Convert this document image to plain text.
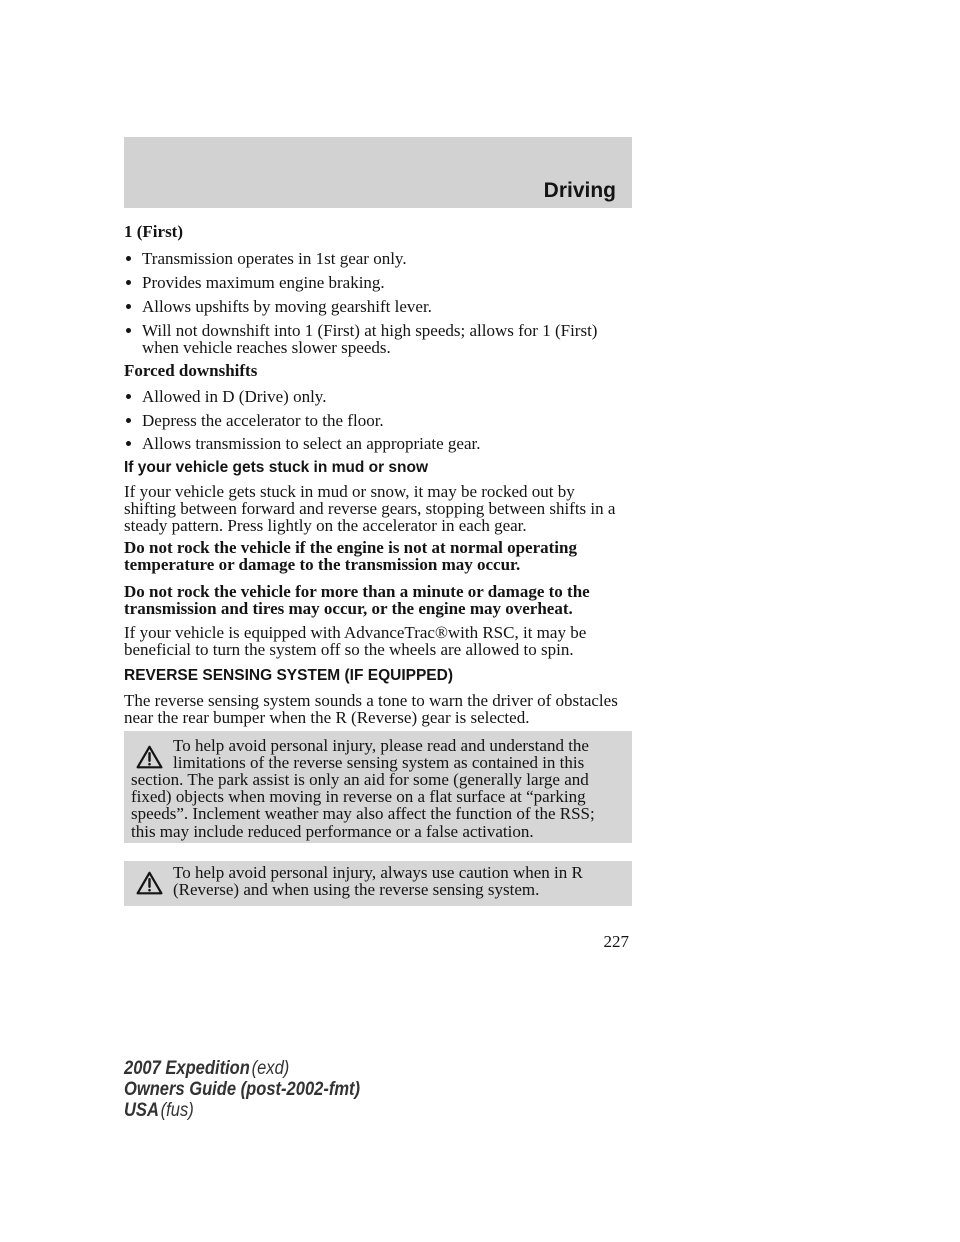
Driving
1 (First)
Transmission operates in 1st gear only.
Provides maximum engine braking.
Allows upshifts by moving gearshift lever.
Will not downshift into 1 (First) at high speeds; allows for 1 (First)
when vehicle reaches slower speeds.
Forced downshifts
Allowed in D (Drive) only.
Depress the accelerator to the floor.
Allows transmission to select an appropriate gear.
If your vehicle gets stuck in mud or snow
If your vehicle gets stuck in mud or snow, it may be rocked out by
shifting between forward and reverse gears, stopping between shifts in a
steady pattern. Press lightly on the accelerator in each gear.
Do not rock the vehicle if the engine is not at normal operating
temperature or damage to the transmission may occur.
Do not rock the vehicle for more than a minute or damage to the
transmission and tires may occur, or the engine may overheat.
If your vehicle is equipped with AdvanceTrac®with RSC, it may be
beneficial to turn the system off so the wheels are allowed to spin.
REVERSE SENSING SYSTEM (IF EQUIPPED)
The reverse sensing system sounds a tone to warn the driver of obstacles
near the rear bumper when the R (Reverse) gear is selected.
To help avoid personal injury, please read and understand the
limitations of the reverse sensing system as contained in this
section. The park assist is only an aid for some (generally large and
fixed) objects when moving in reverse on a flat surface at “parking
speeds”. Inclement weather may also affect the function of the RSS;
this may include reduced performance or a false activation.
To help avoid personal injury, always use caution when in R
(Reverse) and when using the reverse sensing system.
227
2007 Expedition(exd)
Owners Guide (post-2002-fmt)
USA(fus)
